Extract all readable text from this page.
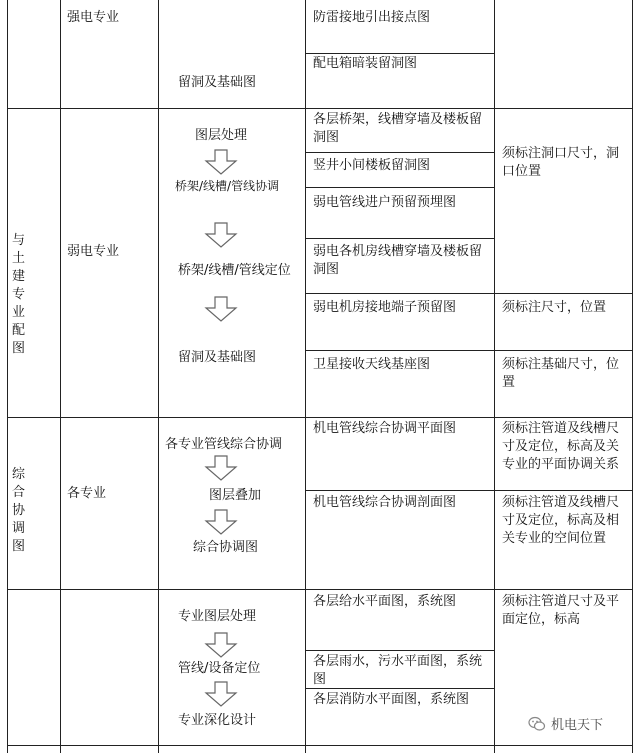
强电专业
留洞及基础图
防雷接地引出接点图
配电箱暗装留洞图
与土建专业配图
弱电专业
图层处理
桥架/线槽/管线协调
桥架/线槽/管线定位
留洞及基础图
各层桥架，线槽穿墙及楼板留洞图
竖井小间楼板留洞图
弱电管线进户预留预埋图
弱电各机房线槽穿墙及楼板留洞图
弱电机房接地端子预留图
卫星接收天线基座图
须标注洞口尺寸，洞口位置
须标注尺寸，位置
须标注基础尺寸，位置
综合协调图
各专业
各专业管线综合协调
图层叠加
综合协调图
机电管线综合协调平面图
机电管线综合协调剖面图
须标注管道及线槽尺寸及定位，标高及关专业的平面协调关系
须标注管道及线槽尺寸及定位，标高及相关专业的空间位置
专业图层处理
管线/设备定位
专业深化设计
各层给水平面图，系统图
各层雨水，污水平面图，系统图
各层消防水平面图，系统图
须标注管道尺寸及平面定位，标高
机电天下
